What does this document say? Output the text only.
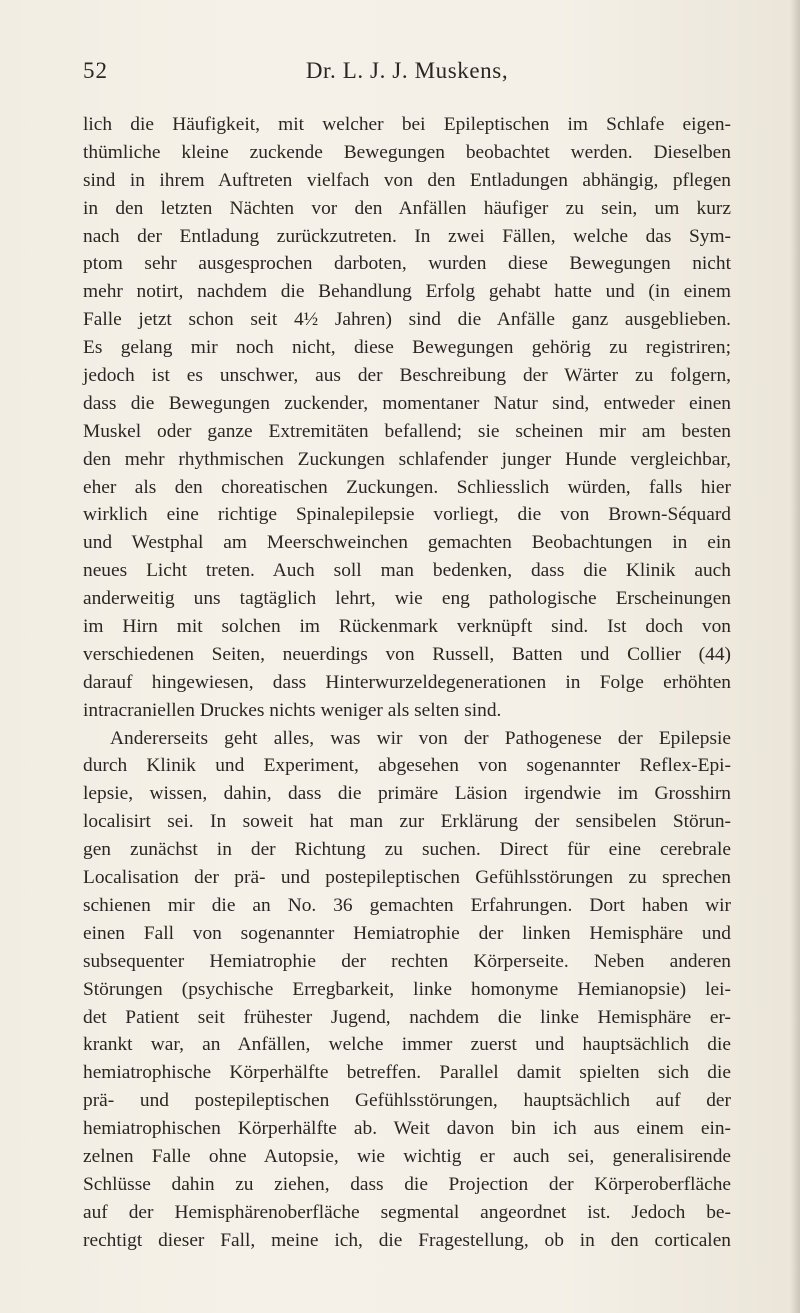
52	Dr. L. J. J. Muskens,
lich die Häufigkeit, mit welcher bei Epileptischen im Schlafe eigen-
thümliche kleine zuckende Bewegungen beobachtet werden. Dieselben
sind in ihrem Auftreten vielfach von den Entladungen abhängig, pflegen
in den letzten Nächten vor den Anfällen häufiger zu sein, um kurz
nach der Entladung zurückzutreten. In zwei Fällen, welche das Sym-
ptom sehr ausgesprochen darboten, wurden diese Bewegungen nicht
mehr notirt, nachdem die Behandlung Erfolg gehabt hatte und (in einem
Falle jetzt schon seit 4½ Jahren) sind die Anfälle ganz ausgeblieben.
Es gelang mir noch nicht, diese Bewegungen gehörig zu registriren;
jedoch ist es unschwer, aus der Beschreibung der Wärter zu folgern,
dass die Bewegungen zuckender, momentaner Natur sind, entweder einen
Muskel oder ganze Extremitäten befallend; sie scheinen mir am besten
den mehr rhythmischen Zuckungen schlafender junger Hunde vergleichbar,
eher als den choreatischen Zuckungen. Schliesslich würden, falls hier
wirklich eine richtige Spinalepilepsie vorliegt, die von Brown-Séquard
und Westphal am Meerschweinchen gemachten Beobachtungen in ein
neues Licht treten. Auch soll man bedenken, dass die Klinik auch
anderweitig uns tagtäglich lehrt, wie eng pathologische Erscheinungen
im Hirn mit solchen im Rückenmark verknüpft sind. Ist doch von
verschiedenen Seiten, neuerdings von Russell, Batten und Collier (44)
darauf hingewiesen, dass Hinterwurzeldegenerationen in Folge erhöhten
intracraniellen Druckes nichts weniger als selten sind.
Andererseits geht alles, was wir von der Pathogenese der Epilepsie
durch Klinik und Experiment, abgesehen von sogenannter Reflex-Epi-
lepsie, wissen, dahin, dass die primäre Läsion irgendwie im Grosshirn
localisirt sei. In soweit hat man zur Erklärung der sensibelen Störun-
gen zunächst in der Richtung zu suchen. Direct für eine cerebrale
Localisation der prä- und postepileptischen Gefühlsstörungen zu sprechen
schienen mir die an No. 36 gemachten Erfahrungen. Dort haben wir
einen Fall von sogenannter Hemiatrophie der linken Hemisphäre und
subsequenter Hemiatrophie der rechten Körperseite. Neben anderen
Störungen (psychische Erregbarkeit, linke homonyme Hemianopsie) lei-
det Patient seit frühester Jugend, nachdem die linke Hemisphäre er-
krankt war, an Anfällen, welche immer zuerst und hauptsächlich die
hemiatrophische Körperhälfte betreffen. Parallel damit spielten sich die
prä- und postepileptischen Gefühlsstörungen, hauptsächlich auf der
hemiatrophischen Körperhälfte ab. Weit davon bin ich aus einem ein-
zelnen Falle ohne Autopsie, wie wichtig er auch sei, generalisirende
Schlüsse dahin zu ziehen, dass die Projection der Körperoberfläche
auf der Hemisphärenoberfläche segmental angeordnet ist. Jedoch be-
rechtigt dieser Fall, meine ich, die Fragestellung, ob in den corticalen
